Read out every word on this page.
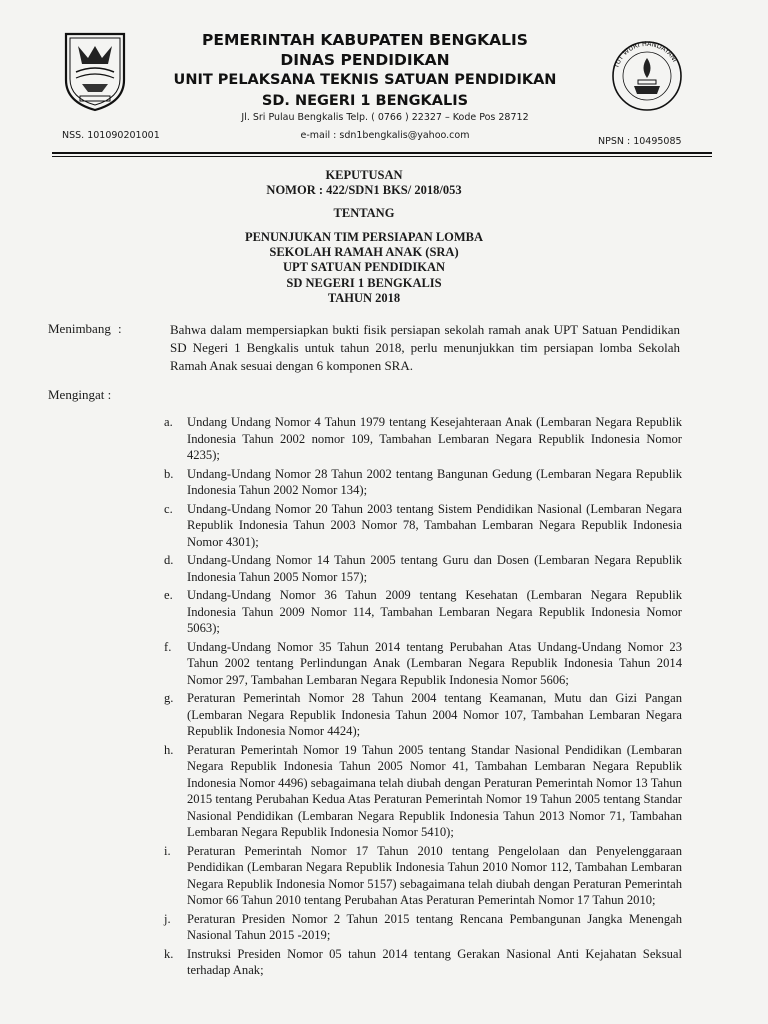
PEMERINTAH KABUPATEN BENGKALIS
DINAS PENDIDIKAN
UNIT PELAKSANA TEKNIS SATUAN PENDIDIKAN
SD. NEGERI 1 BENGKALIS
Jl. Sri Pulau Bengkalis Telp. ( 0766 ) 22327 – Kode Pos 28712
NSS. 101090201001	e-mail : sdn1bengkalis@yahoo.com
NPSN : 10495085
TUT WURI HANDAYANI
KEPUTUSAN
NOMOR : 422/SDN1 BKS/ 2018/053
TENTANG
PENUNJUKAN TIM PERSIAPAN LOMBA
SEKOLAH RAMAH ANAK (SRA)
UPT SATUAN PENDIDIKAN
SD NEGERI 1 BENGKALIS
TAHUN 2018
Menimbang :	Bahwa dalam mempersiapkan bukti fisik persiapan sekolah ramah anak UPT Satuan Pendidikan SD Negeri 1 Bengkalis untuk tahun 2018, perlu menunjukkan tim persiapan lomba Sekolah Ramah Anak sesuai dengan 6 komponen SRA.
Mengingat :
a. Undang Undang Nomor 4 Tahun 1979 tentang Kesejahteraan Anak (Lembaran Negara Republik Indonesia Tahun 2002 nomor 109, Tambahan Lembaran Negara Republik Indonesia Nomor 4235);
b. Undang-Undang Nomor 28 Tahun 2002 tentang Bangunan Gedung (Lembaran Negara Republik Indonesia Tahun 2002 Nomor 134);
c. Undang-Undang Nomor 20 Tahun 2003 tentang Sistem Pendidikan Nasional (Lembaran Negara Republik Indonesia Tahun 2003 Nomor 78, Tambahan Lembaran Negara Republik Indonesia Nomor 4301);
d. Undang-Undang Nomor 14 Tahun 2005 tentang Guru dan Dosen (Lembaran Negara Republik Indonesia Tahun 2005 Nomor 157);
e. Undang-Undang Nomor 36 Tahun 2009 tentang Kesehatan (Lembaran Negara Republik Indonesia Tahun 2009 Nomor 114, Tambahan Lembaran Negara Republik Indonesia Nomor 5063);
f. Undang-Undang Nomor 35 Tahun 2014 tentang Perubahan Atas Undang-Undang Nomor 23 Tahun 2002 tentang Perlindungan Anak (Lembaran Negara Republik Indonesia Tahun 2014 Nomor 297, Tambahan Lembaran Negara Republik Indonesia Nomor 5606;
g. Peraturan Pemerintah Nomor 28 Tahun 2004 tentang Keamanan, Mutu dan Gizi Pangan (Lembaran Negara Republik Indonesia Tahun 2004 Nomor 107, Tambahan Lembaran Negara Republik Indonesia Nomor 4424);
h. Peraturan Pemerintah Nomor 19 Tahun 2005 tentang Standar Nasional Pendidikan (Lembaran Negara Republik Indonesia Tahun 2005 Nomor 41, Tambahan Lembaran Negara Republik Indonesia Nomor 4496) sebagaimana telah diubah dengan Peraturan Pemerintah Nomor 13 Tahun 2015 tentang Perubahan Kedua Atas Peraturan Pemerintah Nomor 19 Tahun 2005 tentang Standar Nasional Pendidikan (Lembaran Negara Republik Indonesia Tahun 2013 Nomor 71, Tambahan Lembaran Negara Republik Indonesia Nomor 5410);
i. Peraturan Pemerintah Nomor 17 Tahun 2010 tentang Pengelolaan dan Penyelenggaraan Pendidikan (Lembaran Negara Republik Indonesia Tahun 2010 Nomor 112, Tambahan Lembaran Negara Republik Indonesia Nomor 5157) sebagaimana telah diubah dengan Peraturan Pemerintah Nomor 66 Tahun 2010 tentang Perubahan Atas Peraturan Pemerintah Nomor 17 Tahun 2010;
j. Peraturan Presiden Nomor 2 Tahun 2015 tentang Rencana Pembangunan Jangka Menengah Nasional Tahun 2015 -2019;
k. Instruksi Presiden Nomor 05 tahun 2014 tentang Gerakan Nasional Anti Kejahatan Seksual terhadap Anak;
